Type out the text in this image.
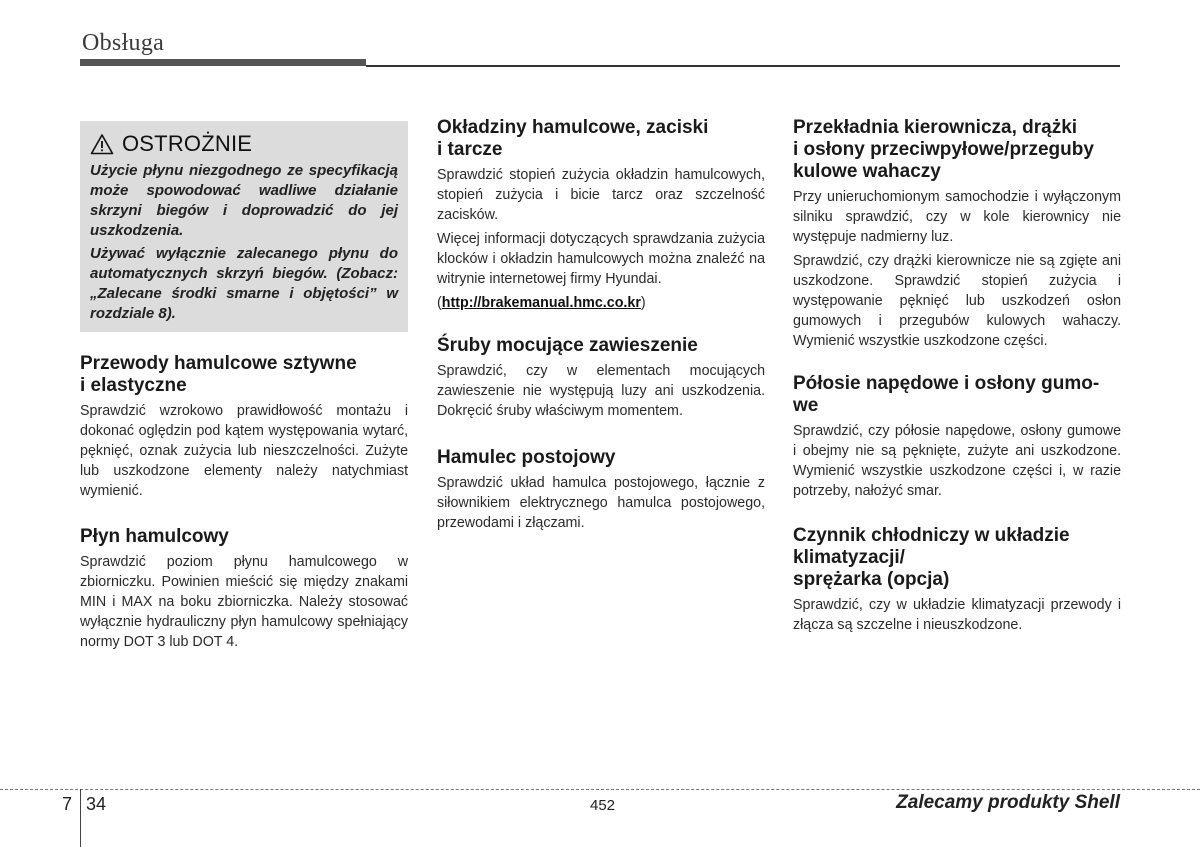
Obsługa
OSTROŻNIE

Użycie płynu niezgodnego ze specyfikacją może spowodować wadliwe działanie skrzyni biegów i doprowadzić do jej uszkodzenia.

Używać wyłącznie zalecanego płynu do automatycznych skrzyń biegów. (Zobacz: „Zalecane środki smarne i objętości” w rozdziale 8).

Przewody hamulcowe sztywne
i elastyczne

Sprawdzić wzrokowo prawidłowość montażu i dokonać oględzin pod kątem występowania wytarć, pęknięć, oznak zużycia lub nieszczelności. Zużyte lub uszkodzone elementy należy natychmiast wymienić.

Płyn hamulcowy

Sprawdzić poziom płynu hamulcowego w zbiorniczku. Powinien mieścić się między znakami MIN i MAX na boku zbiorniczka. Należy stosować wyłącznie hydrauliczny płyn hamulcowy spełniający normy DOT 3 lub DOT 4.

Okładziny hamulcowe, zaciski
i tarcze

Sprawdzić stopień zużycia okładzin hamulcowych, stopień zużycia i bicie tarcz oraz szczelność zacisków.

Więcej informacji dotyczących sprawdzania zużycia klocków i okładzin hamulcowych można znaleźć na witrynie internetowej firmy Hyundai.

(http://brakemanual.hmc.co.kr)

Śruby mocujące zawieszenie

Sprawdzić, czy w elementach mocujących zawieszenie nie występują luzy ani uszkodzenia. Dokręcić śruby właściwym momentem.

Hamulec postojowy

Sprawdzić układ hamulca postojowego, łącznie z siłownikiem elektrycznego hamulca postojowego, przewodami i złączami.

Przekładnia kierownicza, drążki
i osłony przeciwpyłowe/przeguby
kulowe wahaczy

Przy unieruchomionym samochodzie i wyłączonym silniku sprawdzić, czy w kole kierownicy nie występuje nadmierny luz.

Sprawdzić, czy drążki kierownicze nie są zgięte ani uszkodzone. Sprawdzić stopień zużycia i występowanie pęknięć lub uszkodzeń osłon gumowych i przegubów kulowych wahaczy. Wymienić wszystkie uszkodzone części.

Półosie napędowe i osłony gumo-
we

Sprawdzić, czy półosie napędowe, osłony gumowe i obejmy nie są pęknięte, zużyte ani uszkodzone. Wymienić wszystkie uszkodzone części i, w razie potrzeby, nałożyć smar.

Czynnik chłodniczy w układzie
klimatyzacji/
sprężarka (opcja)

Sprawdzić, czy w układzie klimatyzacji przewody i złącza są szczelne i nieuszkodzone.

7 34	452	Zalecamy produkty Shell
